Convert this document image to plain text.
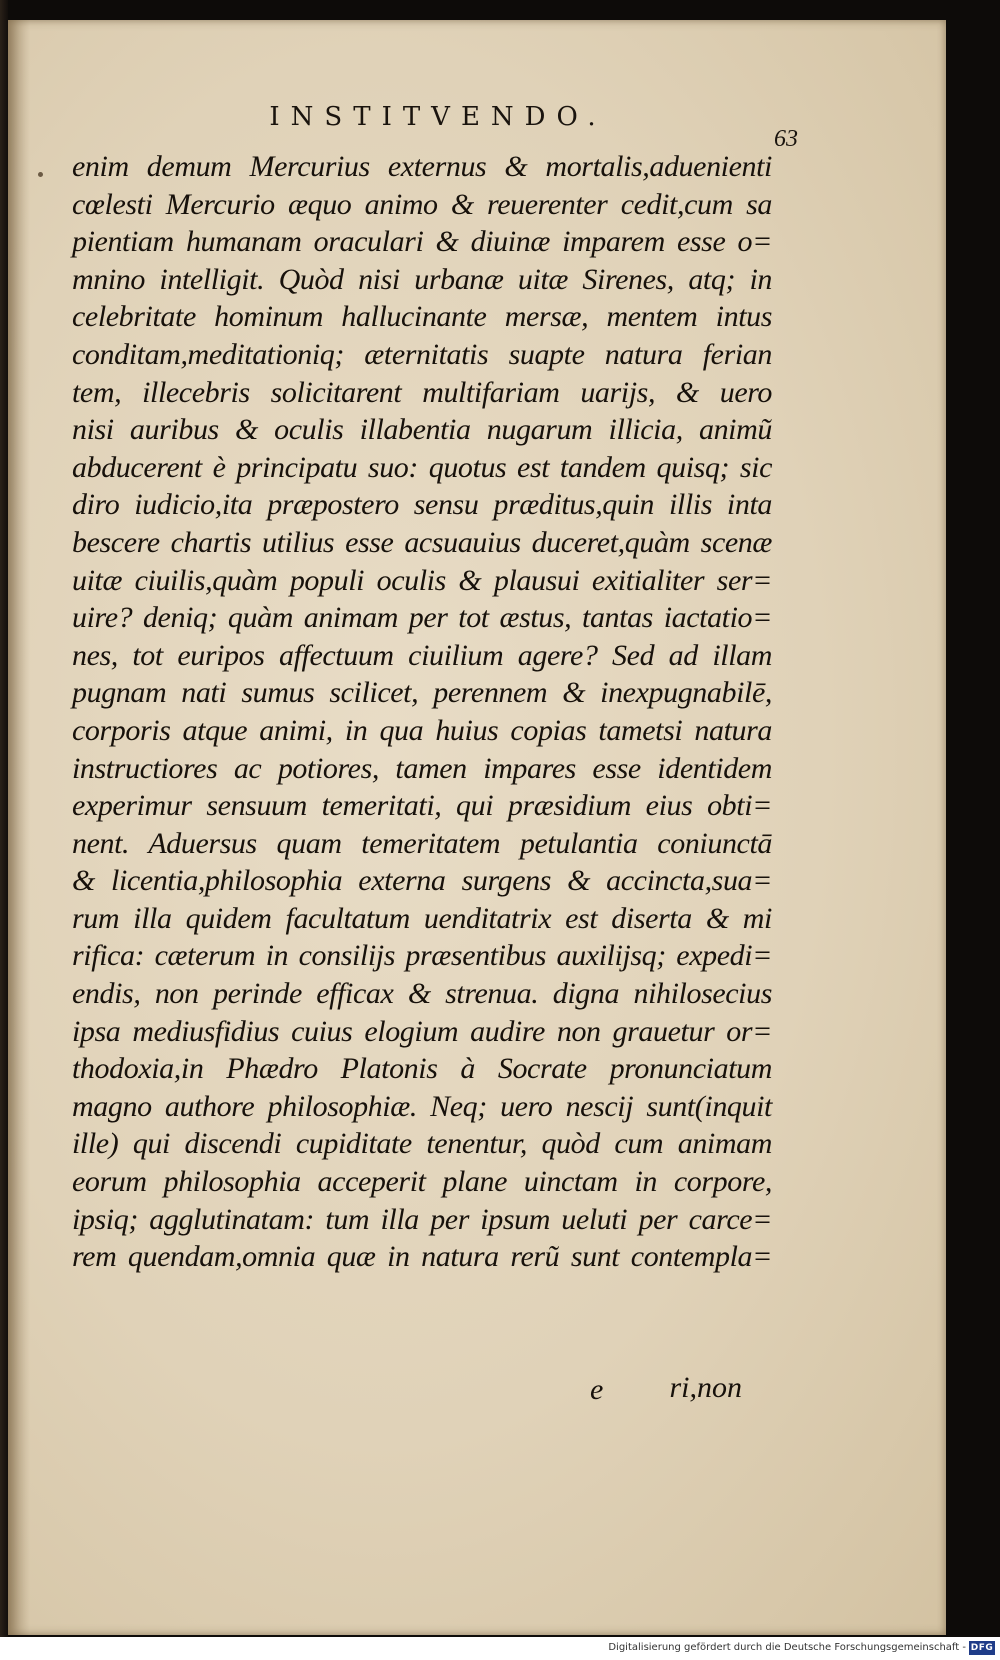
INSTITVENDO.
63
enim demum Mercurius externus & mortalis,aduenienti
cœlesti Mercurio æquo animo & reuerenter cedit,cum sa
pientiam humanam oraculari & diuinæ imparem esse o=
mnino intelligit. Quòd nisi urbanæ uitæ Sirenes, atq; in
celebritate hominum hallucinante mersæ, mentem intus
conditam,meditationiq; æternitatis suapte natura ferian
tem, illecebris solicitarent multifariam uarijs, & uero
nisi auribus & oculis illabentia nugarum illicia, animũ
abducerent è principatu suo: quotus est tandem quisq; sic
diro iudicio,ita præpostero sensu præditus,quin illis inta
bescere chartis utilius esse acsuauius duceret,quàm scenæ
uitæ ciuilis,quàm populi oculis & plausui exitialiter ser=
uire? deniq; quàm animam per tot æstus, tantas iactatio=
nes, tot euripos affectuum ciuilium agere? Sed ad illam
pugnam nati sumus scilicet, perennem & inexpugnabilē,
corporis atque animi, in qua huius copias tametsi natura
instructiores ac potiores, tamen impares esse identidem
experimur sensuum temeritati, qui præsidium eius obti=
nent. Aduersus quam temeritatem petulantia coniunctā
& licentia,philosophia externa surgens & accincta,sua=
rum illa quidem facultatum uenditatrix est diserta & mi
rifica: cæterum in consilijs præsentibus auxilijsq; expedi=
endis, non perinde efficax & strenua. digna nihilosecius
ipsa mediusfidius cuius elogium audire non grauetur or=
thodoxia,in Phædro Platonis à Socrate pronunciatum
magno authore philosophiæ. Neq; uero nescij sunt(inquit
ille) qui discendi cupiditate tenentur, quòd cum animam
eorum philosophia acceperit plane uinctam in corpore,
ipsiq; agglutinatam: tum illa per ipsum ueluti per carce=
rem quendam,omnia quæ in natura rerũ sunt contempla=
e	ri,non
Digitalisierung gefördert durch die Deutsche Forschungsgemeinschaft - DFG
